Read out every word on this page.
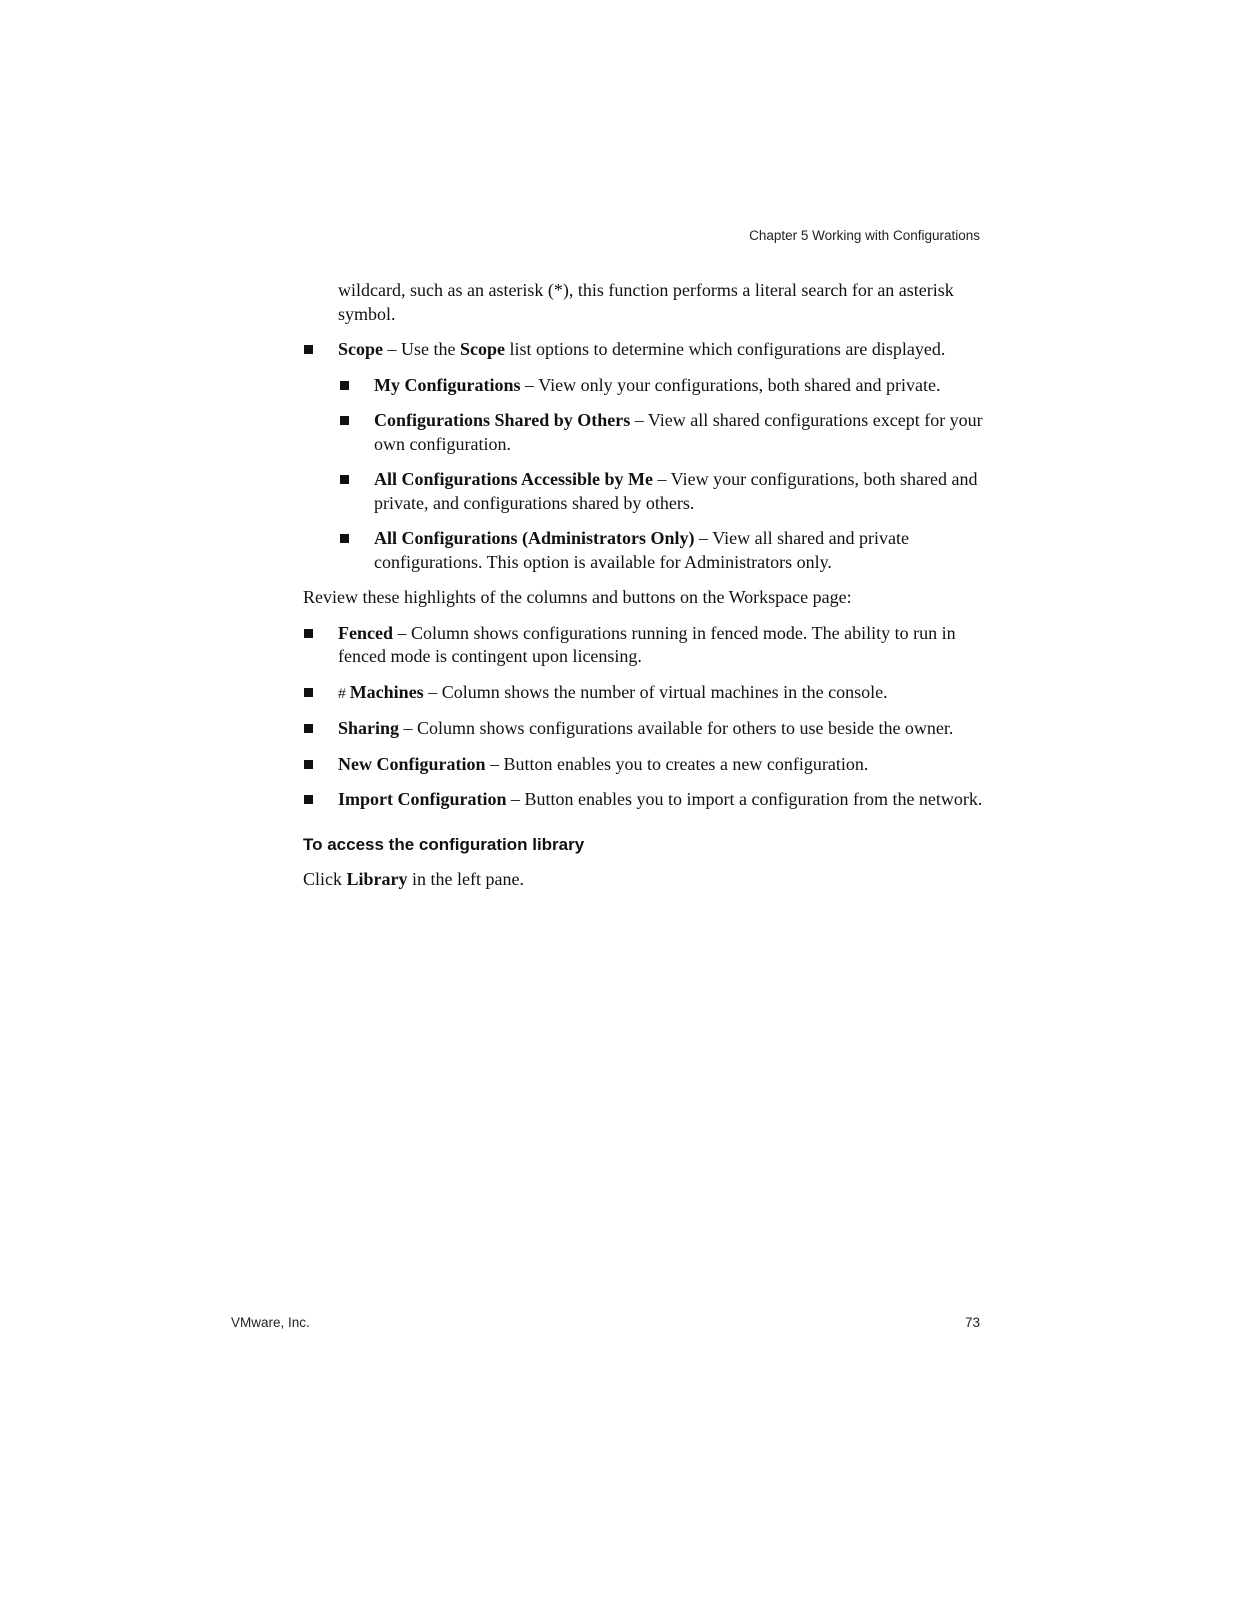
Chapter 5 Working with Configurations

wildcard, such as an asterisk (*), this function performs a literal search for an asterisk symbol.

Scope – Use the Scope list options to determine which configurations are displayed.
My Configurations – View only your configurations, both shared and private.
Configurations Shared by Others – View all shared configurations except for your own configuration.
All Configurations Accessible by Me – View your configurations, both shared and private, and configurations shared by others.
All Configurations (Administrators Only) – View all shared and private configurations. This option is available for Administrators only.

Review these highlights of the columns and buttons on the Workspace page:

Fenced – Column shows configurations running in fenced mode. The ability to run in fenced mode is contingent upon licensing.
# Machines – Column shows the number of virtual machines in the console.
Sharing – Column shows configurations available for others to use beside the owner.
New Configuration – Button enables you to creates a new configuration.
Import Configuration – Button enables you to import a configuration from the network.
To access the configuration library

Click Library in the left pane.

VMware, Inc.	73
